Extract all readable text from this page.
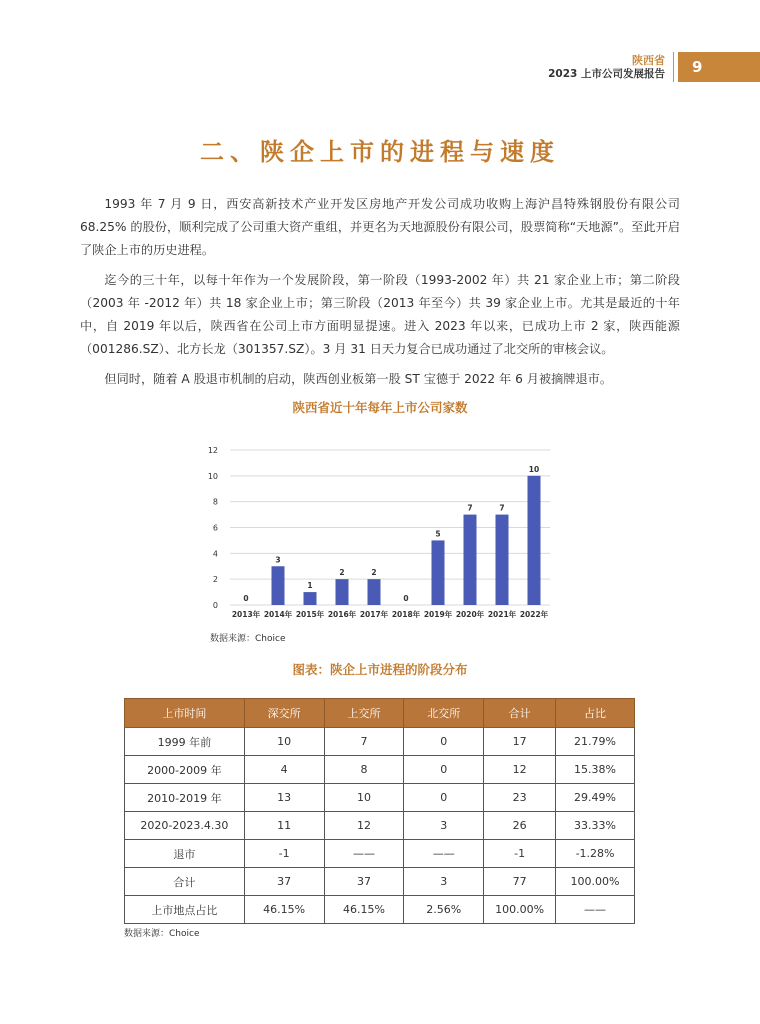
陕西省
2023 上市公司发展报告	9
二、陕企上市的进程与速度

1993 年 7 月 9 日，西安高新技术产业开发区房地产开发公司成功收购上海沪昌特殊钢股份有限公司 68.25% 的股份，顺利完成了公司重大资产重组，并更名为天地源股份有限公司，股票简称“天地源”。至此开启了陕企上市的历史进程。

迄今的三十年，以每十年作为一个发展阶段，第一阶段（1993-2002 年）共 21 家企业上市；第二阶段（2003 年 -2012 年）共 18 家企业上市；第三阶段（2013 年至今）共 39 家企业上市。尤其是最近的十年中，自 2019 年以后，陕西省在公司上市方面明显提速。进入 2023 年以来，已成功上市 2 家，陕西能源（001286.SZ）、北方长龙（301357.SZ）。3 月 31 日天力复合已成功通过了北交所的审核会议。

但同时，随着 A 股退市机制的启动，陕西创业板第一股 ST 宝德于 2022 年 6 月被摘牌退市。

陕西省近十年每年上市公司家数
0
2
4
6
8
10
12
0
2013年
3
2014年
1
2015年
2
2016年
2
2017年
0
2018年
5
2019年
7
2020年
7
2021年
10
2022年
数据来源：Choice
图表：陕企上市进程的阶段分布
上市时间	深交所	上交所	北交所	合计	占比
1999 年前	10	7	0	17	21.79%
2000-2009 年	4	8	0	12	15.38%
2010-2019 年	13	10	0	23	29.49%
2020-2023.4.30	11	12	3	26	33.33%
退市	-1	——	——	-1	-1.28%
合计	37	37	3	77	100.00%
上市地点占比	46.15%	46.15%	2.56%	100.00%	——
数据来源：Choice
